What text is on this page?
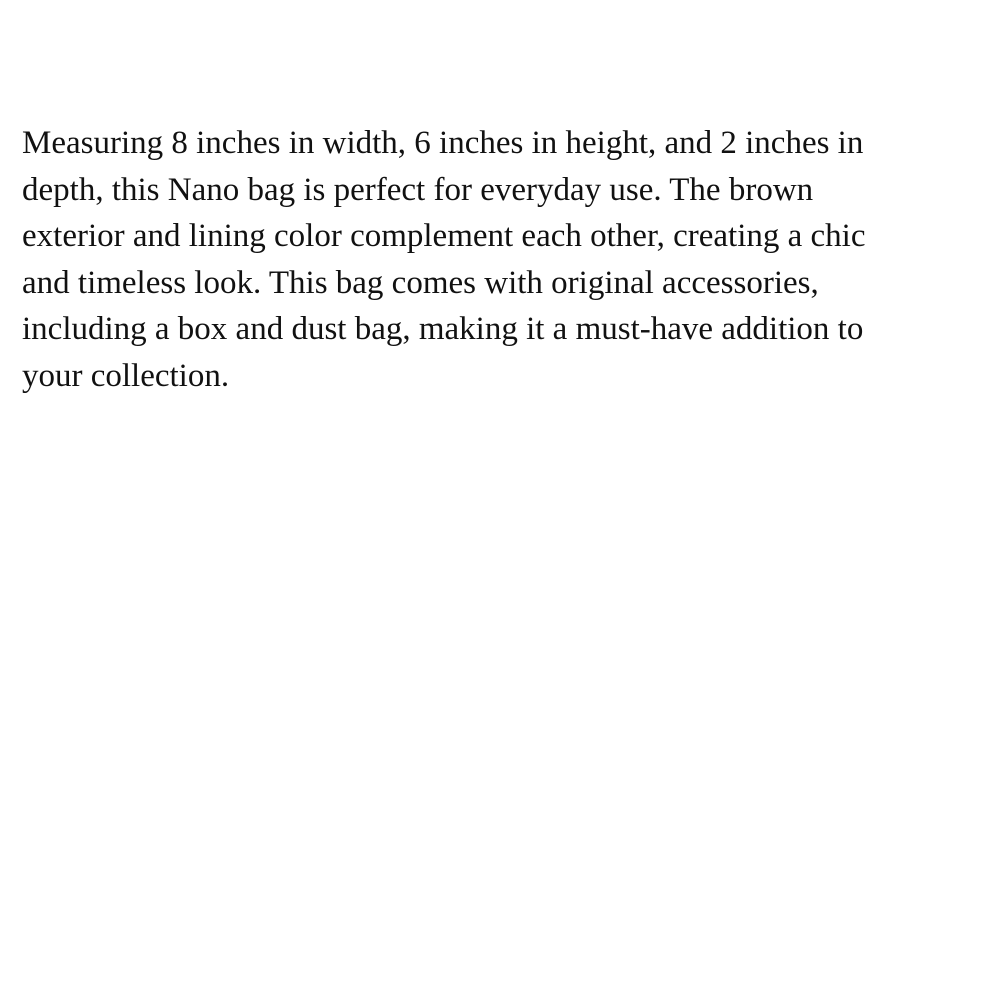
Measuring 8 inches in width, 6 inches in height, and 2 inches in
depth, this Nano bag is perfect for everyday use. The brown
exterior and lining color complement each other, creating a chic
and timeless look. This bag comes with original accessories,
including a box and dust bag, making it a must-have addition to
your collection.
